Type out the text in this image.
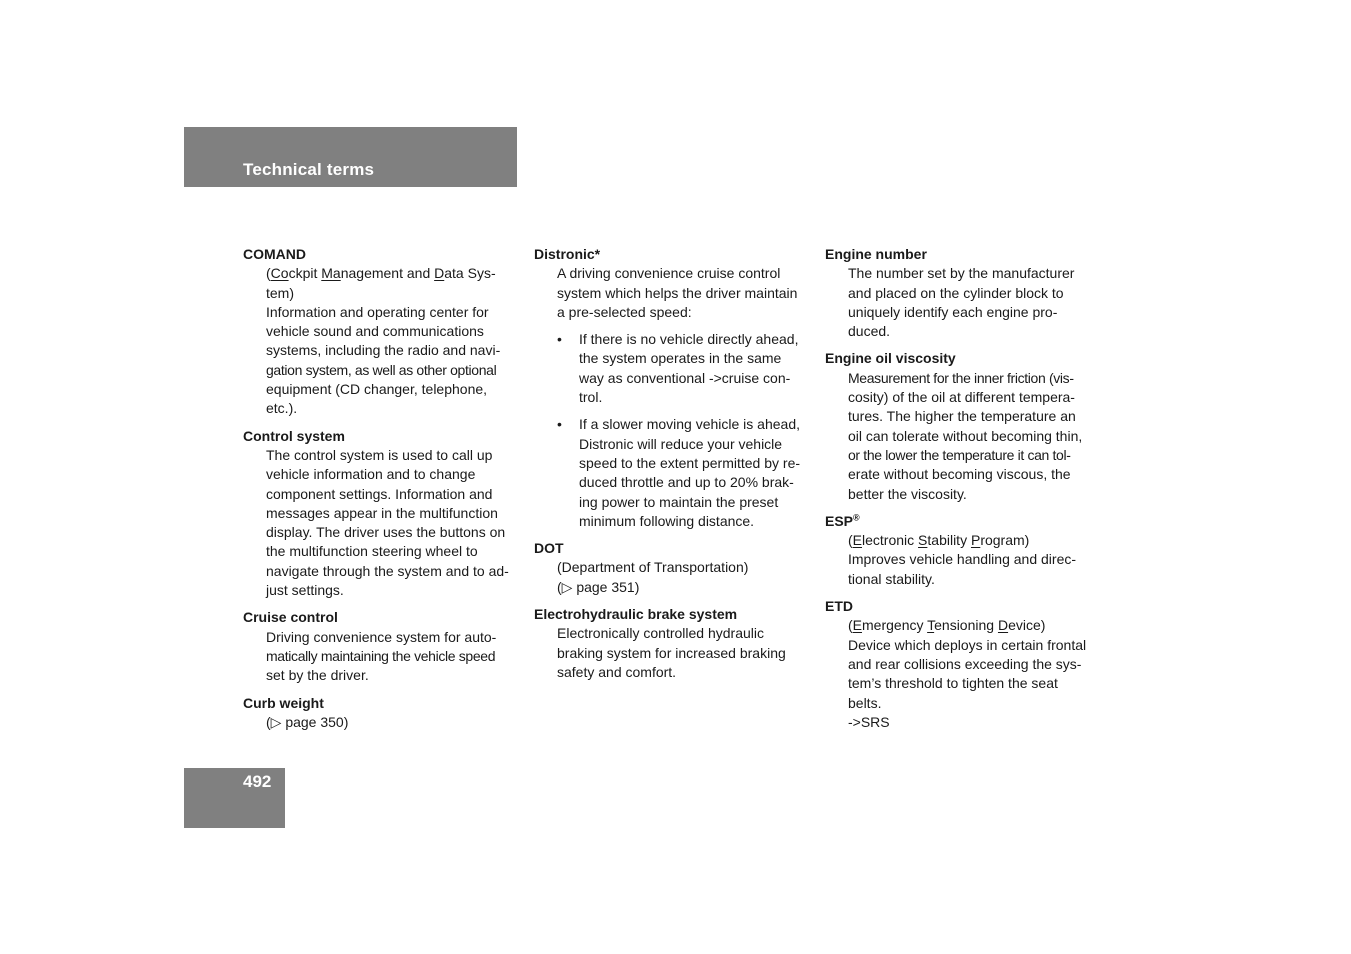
Technical terms
COMAND
(Cockpit Management and Data Sys-
tem)
Information and operating center for
vehicle sound and communications
systems, including the radio and navi-
gation system, as well as other optional
equipment (CD changer, telephone,
etc.).
Control system
The control system is used to call up
vehicle information and to change
component settings. Information and
messages appear in the multifunction
display. The driver uses the buttons on
the multifunction steering wheel to
navigate through the system and to ad-
just settings.
Cruise control
Driving convenience system for auto-
matically maintaining the vehicle speed
set by the driver.
Curb weight
(▷ page 350)
Distronic*
A driving convenience cruise control
system which helps the driver maintain
a pre-selected speed:
• If there is no vehicle directly ahead,
the system operates in the same
way as conventional ->cruise con-
trol.
• If a slower moving vehicle is ahead,
Distronic will reduce your vehicle
speed to the extent permitted by re-
duced throttle and up to 20% brak-
ing power to maintain the preset
minimum following distance.
DOT
(Department of Transportation)
(▷ page 351)
Electrohydraulic brake system
Electronically controlled hydraulic
braking system for increased braking
safety and comfort.
Engine number
The number set by the manufacturer
and placed on the cylinder block to
uniquely identify each engine pro-
duced.
Engine oil viscosity
Measurement for the inner friction (vis-
cosity) of the oil at different tempera-
tures. The higher the temperature an
oil can tolerate without becoming thin,
or the lower the temperature it can tol-
erate without becoming viscous, the
better the viscosity.
ESP®
(Electronic Stability Program)
Improves vehicle handling and direc-
tional stability.
ETD
(Emergency Tensioning Device)
Device which deploys in certain frontal
and rear collisions exceeding the sys-
tem’s threshold to tighten the seat
belts.
->SRS
492
